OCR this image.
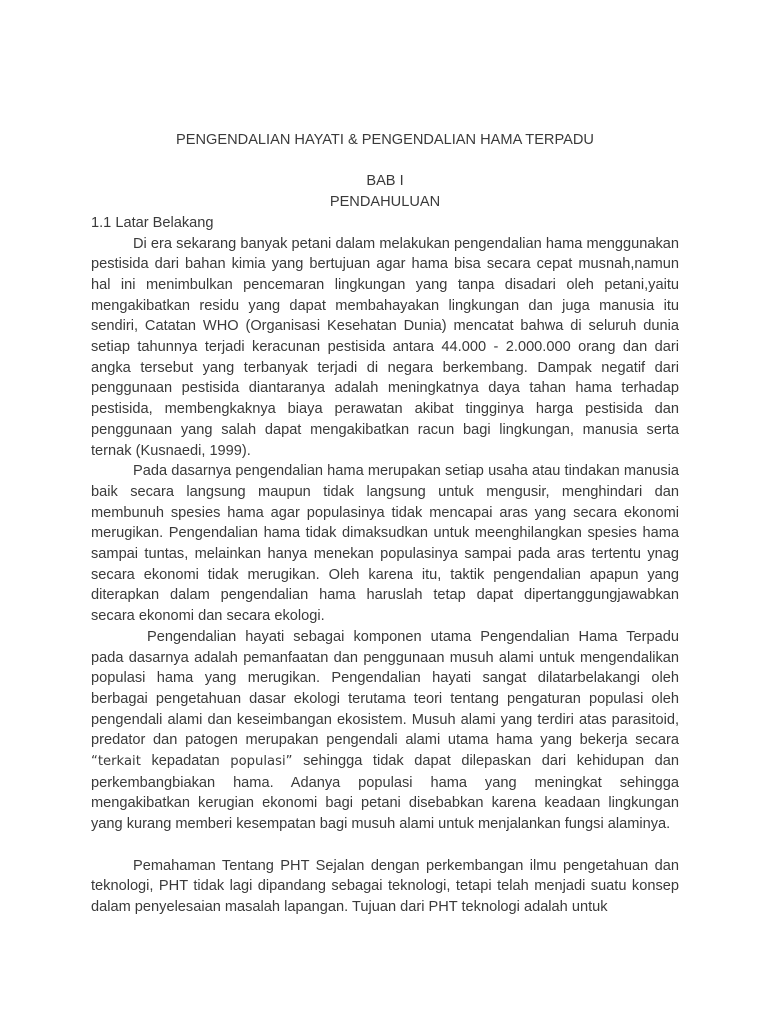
PENGENDALIAN HAYATI & PENGENDALIAN HAMA TERPADU

BAB I

PENDAHULUAN

1.1 Latar Belakang

Di era sekarang banyak petani dalam melakukan pengendalian hama menggunakan pestisida dari bahan kimia yang bertujuan agar hama bisa secara cepat musnah,namun hal ini menimbulkan pencemaran lingkungan yang tanpa disadari oleh petani,yaitu mengakibatkan residu yang dapat membahayakan lingkungan dan juga manusia itu sendiri, Catatan WHO (Organisasi Kesehatan Dunia) mencatat bahwa di seluruh dunia setiap tahunnya terjadi keracunan pestisida antara 44.000 - 2.000.000 orang dan dari angka tersebut yang terbanyak terjadi di negara berkembang. Dampak negatif dari penggunaan pestisida diantaranya adalah meningkatnya daya tahan hama terhadap pestisida, membengkaknya biaya perawatan akibat tingginya harga pestisida dan penggunaan yang salah dapat mengakibatkan racun bagi lingkungan, manusia serta ternak (Kusnaedi, 1999).

Pada dasarnya pengendalian hama merupakan setiap usaha atau tindakan manusia baik secara langsung maupun tidak langsung untuk mengusir, menghindari dan membunuh spesies hama agar populasinya tidak mencapai aras yang secara ekonomi merugikan. Pengendalian hama tidak dimaksudkan untuk meenghilangkan spesies hama sampai tuntas, melainkan hanya menekan populasinya sampai pada aras tertentu ynag secara ekonomi tidak merugikan. Oleh karena itu, taktik pengendalian apapun yang diterapkan dalam pengendalian hama haruslah tetap dapat dipertanggungjawabkan secara ekonomi dan secara ekologi.

Pengendalian hayati sebagai komponen utama Pengendalian Hama Terpadu pada dasarnya adalah pemanfaatan dan penggunaan musuh alami untuk mengendalikan populasi hama yang merugikan. Pengendalian hayati sangat dilatarbelakangi oleh berbagai pengetahuan dasar ekologi terutama teori tentang pengaturan populasi oleh pengendali alami dan keseimbangan ekosistem. Musuh alami yang terdiri atas parasitoid, predator dan patogen merupakan pengendali alami utama hama yang bekerja secara “terkait kepadatan populasi” sehingga tidak dapat dilepaskan dari kehidupan dan perkembangbiakan hama. Adanya populasi hama yang meningkat sehingga mengakibatkan kerugian ekonomi bagi petani disebabkan karena keadaan lingkungan yang kurang memberi kesempatan bagi musuh alami untuk menjalankan fungsi alaminya.

Pemahaman Tentang PHT Sejalan dengan perkembangan ilmu pengetahuan dan teknologi, PHT tidak lagi dipandang sebagai teknologi, tetapi telah menjadi suatu konsep dalam penyelesaian masalah lapangan. Tujuan dari PHT teknologi adalah untuk
